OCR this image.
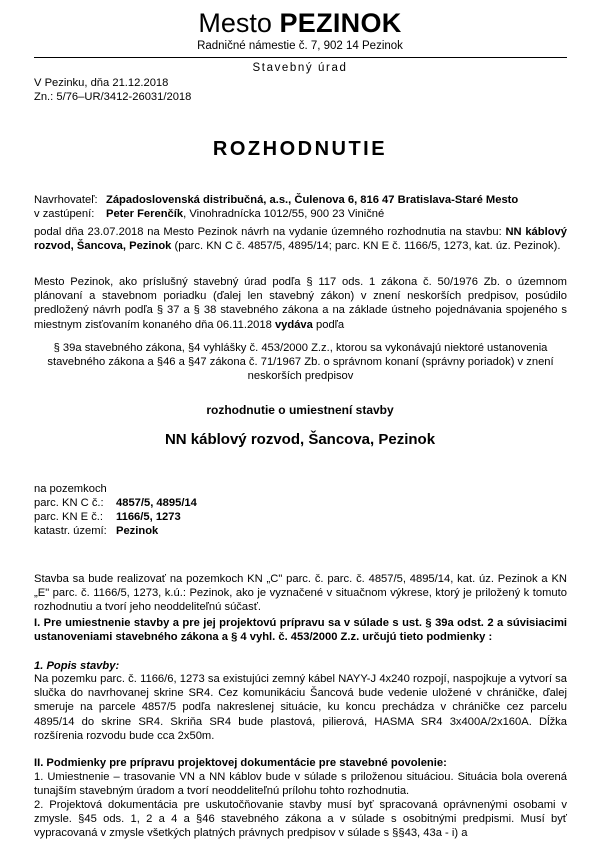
Mesto PEZINOK
Radničné námestie č. 7, 902 14 Pezinok
Stavebný úrad
V Pezinku, dňa 21.12.2018
Zn.: 5/76–UR/3412-26031/2018
ROZHODNUTIE
Navrhovateľ: Západoslovenská distribučná, a.s., Čulenova 6, 816 47 Bratislava-Staré Mesto
v zastúpení: Peter Ferenčík, Vinohradnícka 1012/55, 900 23 Viničné
podal dňa 23.07.2018 na Mesto Pezinok návrh na vydanie územného rozhodnutia na stavbu: NN káblový rozvod, Šancova, Pezinok (parc. KN C č. 4857/5, 4895/14; parc. KN E č. 1166/5, 1273, kat. úz. Pezinok).
Mesto Pezinok, ako príslušný stavebný úrad podľa § 117 ods. 1 zákona č. 50/1976 Zb. o územnom plánovaní a stavebnom poriadku (ďalej len stavebný zákon) v znení neskorších predpisov, posúdilo predložený návrh podľa § 37 a § 38 stavebného zákona a na základe ústneho pojednávania spojeného s miestnym zisťovaním konaného dňa 06.11.2018 vydáva podľa
§ 39a stavebného zákona, §4 vyhlášky č. 453/2000 Z.z., ktorou sa vykonávajú niektoré ustanovenia stavebného zákona a §46 a §47 zákona č. 71/1967 Zb. o správnom konaní (správny poriadok) v znení neskorších predpisov
rozhodnutie o umiestnení stavby
NN káblový rozvod, Šancova, Pezinok
na pozemkoch
parc. KN C č.: 4857/5, 4895/14
parc. KN E č.: 1166/5, 1273
katastr. území: Pezinok
Stavba sa bude realizovať na pozemkoch KN „C" parc. č. parc. č. 4857/5, 4895/14, kat. úz. Pezinok a KN „E" parc. č. 1166/5, 1273, k.ú.: Pezinok, ako je vyznačené v situačnom výkrese, ktorý je priložený k tomuto rozhodnutiu a tvorí jeho neoddeliteľnú súčasť.
I. Pre umiestnenie stavby a pre jej projektovú prípravu sa v súlade s ust. § 39a odst. 2 a súvisiacimi ustanoveniami stavebného zákona a § 4 vyhl. č. 453/2000 Z.z. určujú tieto podmienky :
1. Popis stavby:
Na pozemku parc. č. 1166/6, 1273 sa existujúci zemný kábel NAYY-J 4x240 rozpojí, naspojkuje a vytvorí sa slučka do navrhovanej skrine SR4. Cez komunikáciu Šancová bude vedenie uložené v chráničke, ďalej smeruje na parcele 4857/5 podľa nakreslenej situácie, ku koncu prechádza v chráničke cez parcelu 4895/14 do skrine SR4. Skriňa SR4 bude plastová, pilierová, HASMA SR4 3x400A/2x160A. Dĺžka rozšírenia rozvodu bude cca 2x50m.
II. Podmienky pre prípravu projektovej dokumentácie pre stavebné povolenie:
1. Umiestnenie – trasovanie VN a NN káblov bude v súlade s priloženou situáciou. Situácia bola overená tunajším stavebným úradom a tvorí neoddeliteľnú prílohu tohto rozhodnutia.
2. Projektová dokumentácia pre uskutočňovanie stavby musí byť spracovaná oprávnenými osobami v zmysle. §45 ods. 1, 2 a 4 a §46 stavebného zákona a v súlade s osobitnými predpismi. Musí byť vypracovaná v zmysle všetkých platných právnych predpisov v súlade s §§43, 43a - i) a
